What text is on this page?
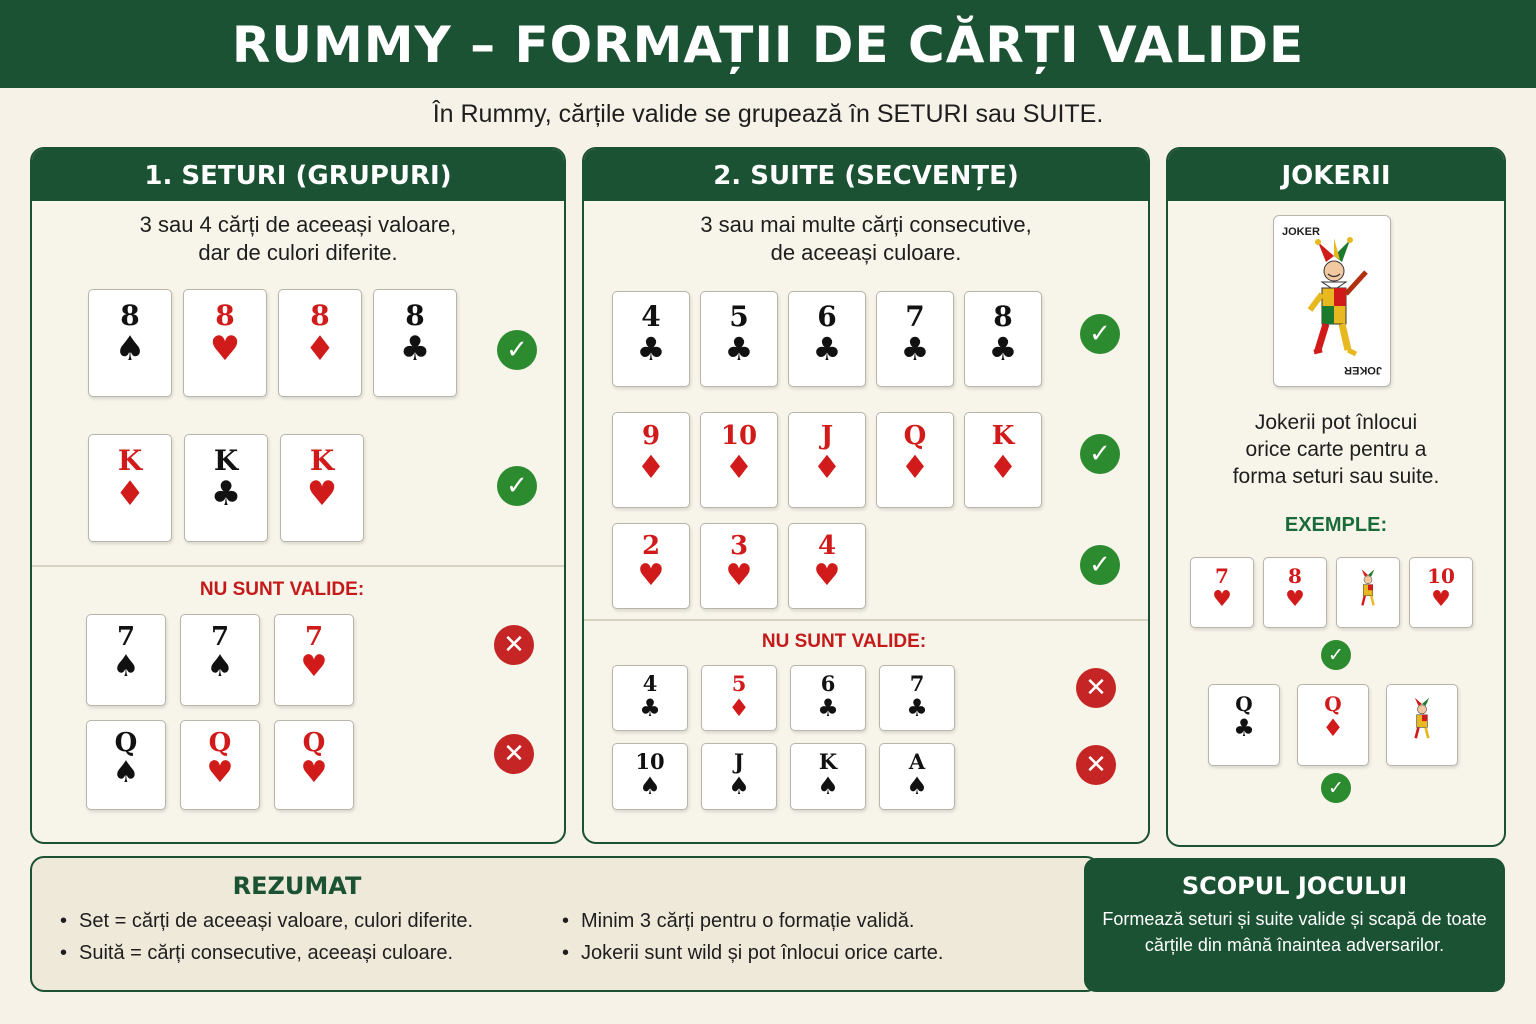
RUMMY – FORMAȚII DE CĂRȚI VALIDE
În Rummy, cărțile valide se grupează în SETURI sau SUITE.
1. SETURI (GRUPURI)
3 sau 4 cărți de aceeași valoare,
dar de culori diferite.
NU SUNT VALIDE:
2. SUITE (SECVENȚE)
3 sau mai multe cărți consecutive,
de aceeași culoare.
NU SUNT VALIDE:
JOKERII
Jokerii pot înlocui
orice carte pentru a
forma seturi sau suite.
EXEMPLE:
JOKER
JOKER
REZUMAT
• Set = cărți de aceeași valoare, culori diferite.
• Suită = cărți consecutive, aceeași culoare.
• Minim 3 cărți pentru o formație validă.
• Jokerii sunt wild și pot înlocui orice carte.
SCOPUL JOCULUI
Formează seturi și suite valide și scapă de toate cărțile din mână înaintea adversarilor.
8
♠
8
♥
8
♦
8
♣	✓
K
♦
K
♣
K
♥	✓
7
♠
7
♠
7
♥
✕
Q
♠
Q
♥
Q
♥
✕
4
♣
5
♣
6
♣
7
♣
8
♣	✓
9
♦
10
♦
J
♦
Q
♦
K
♦	✓
2
♥
3
♥
4
♥	✓
4
♣
5
♦
6
♣
7
♣
✕
10
♠
J
♠
K
♠
A
♠
✕
7
♥
8
♥
10
♥
✓
Q
♣
Q
♦
✓
